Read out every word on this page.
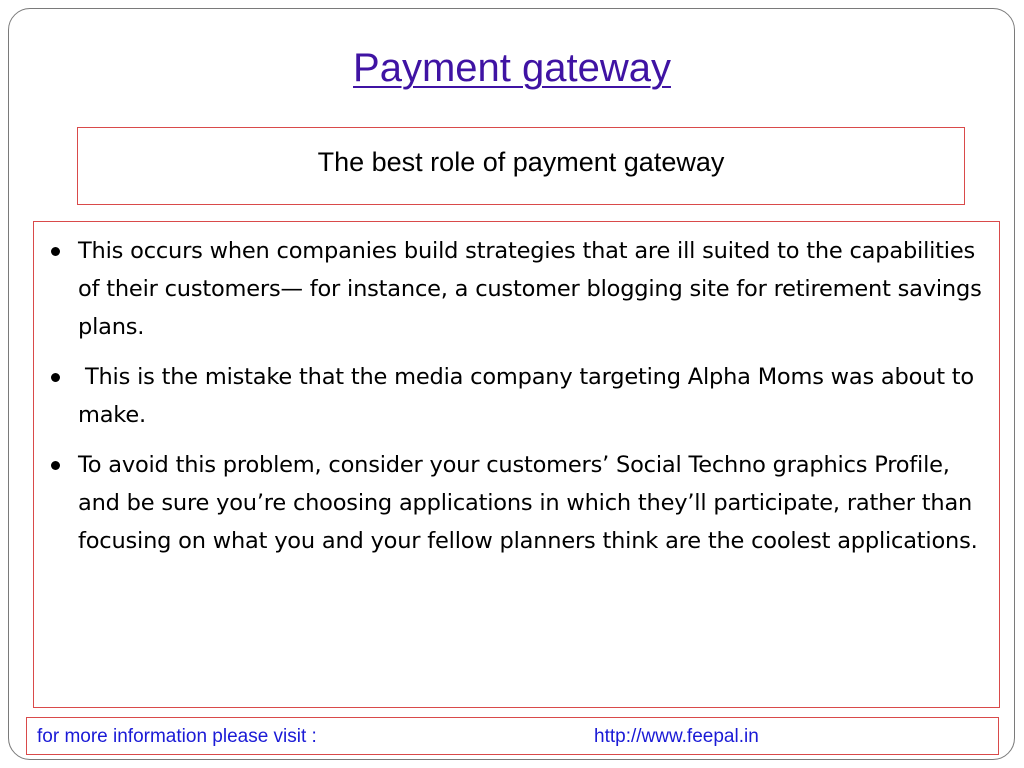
Payment gateway
The best role of payment gateway
This occurs when companies build strategies that are ill suited to the capabilities of their customers— for instance, a customer blogging site for retirement savings plans.
This is the mistake that the media company targeting Alpha Moms was about to make.
To avoid this problem, consider your customers’ Social Techno graphics Profile, and be sure you’re choosing applications in which they’ll participate, rather than focusing on what you and your fellow planners think are the coolest applications.
for more information please visit :	http://www.feepal.in
